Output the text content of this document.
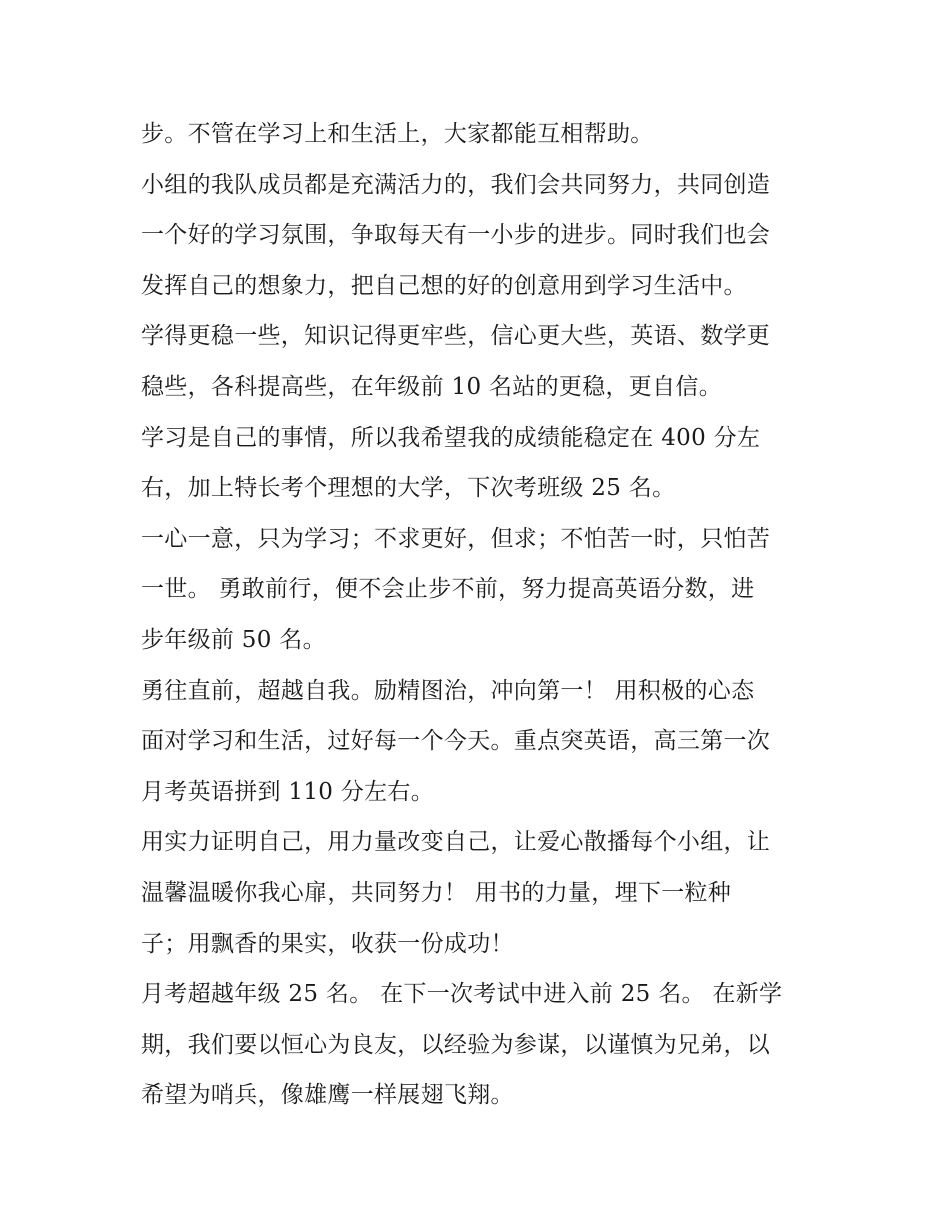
步。不管在学习上和生活上，大家都能互相帮助。
小组的我队成员都是充满活力的，我们会共同努力，共同创造
一个好的学习氛围，争取每天有一小步的进步。同时我们也会
发挥自己的想象力，把自己想的好的创意用到学习生活中。
学得更稳一些，知识记得更牢些，信心更大些，英语、数学更
稳些，各科提高些，在年级前 10 名站的更稳，更自信。
学习是自己的事情，所以我希望我的成绩能稳定在 400 分左
右，加上特长考个理想的大学，下次考班级 25 名。
一心一意，只为学习；不求更好，但求；不怕苦一时，只怕苦
一世。 勇敢前行，便不会止步不前，努力提高英语分数，进
步年级前 50 名。
勇往直前，超越自我。励精图治，冲向第一！ 用积极的心态
面对学习和生活，过好每一个今天。重点突英语，高三第一次
月考英语拼到 110 分左右。
用实力证明自己，用力量改变自己，让爱心散播每个小组，让
温馨温暖你我心扉，共同努力！ 用书的力量，埋下一粒种
子；用飘香的果实，收获一份成功！
月考超越年级 25 名。 在下一次考试中进入前 25 名。 在新学
期，我们要以恒心为良友，以经验为参谋，以谨慎为兄弟，以
希望为哨兵，像雄鹰一样展翅飞翔。
